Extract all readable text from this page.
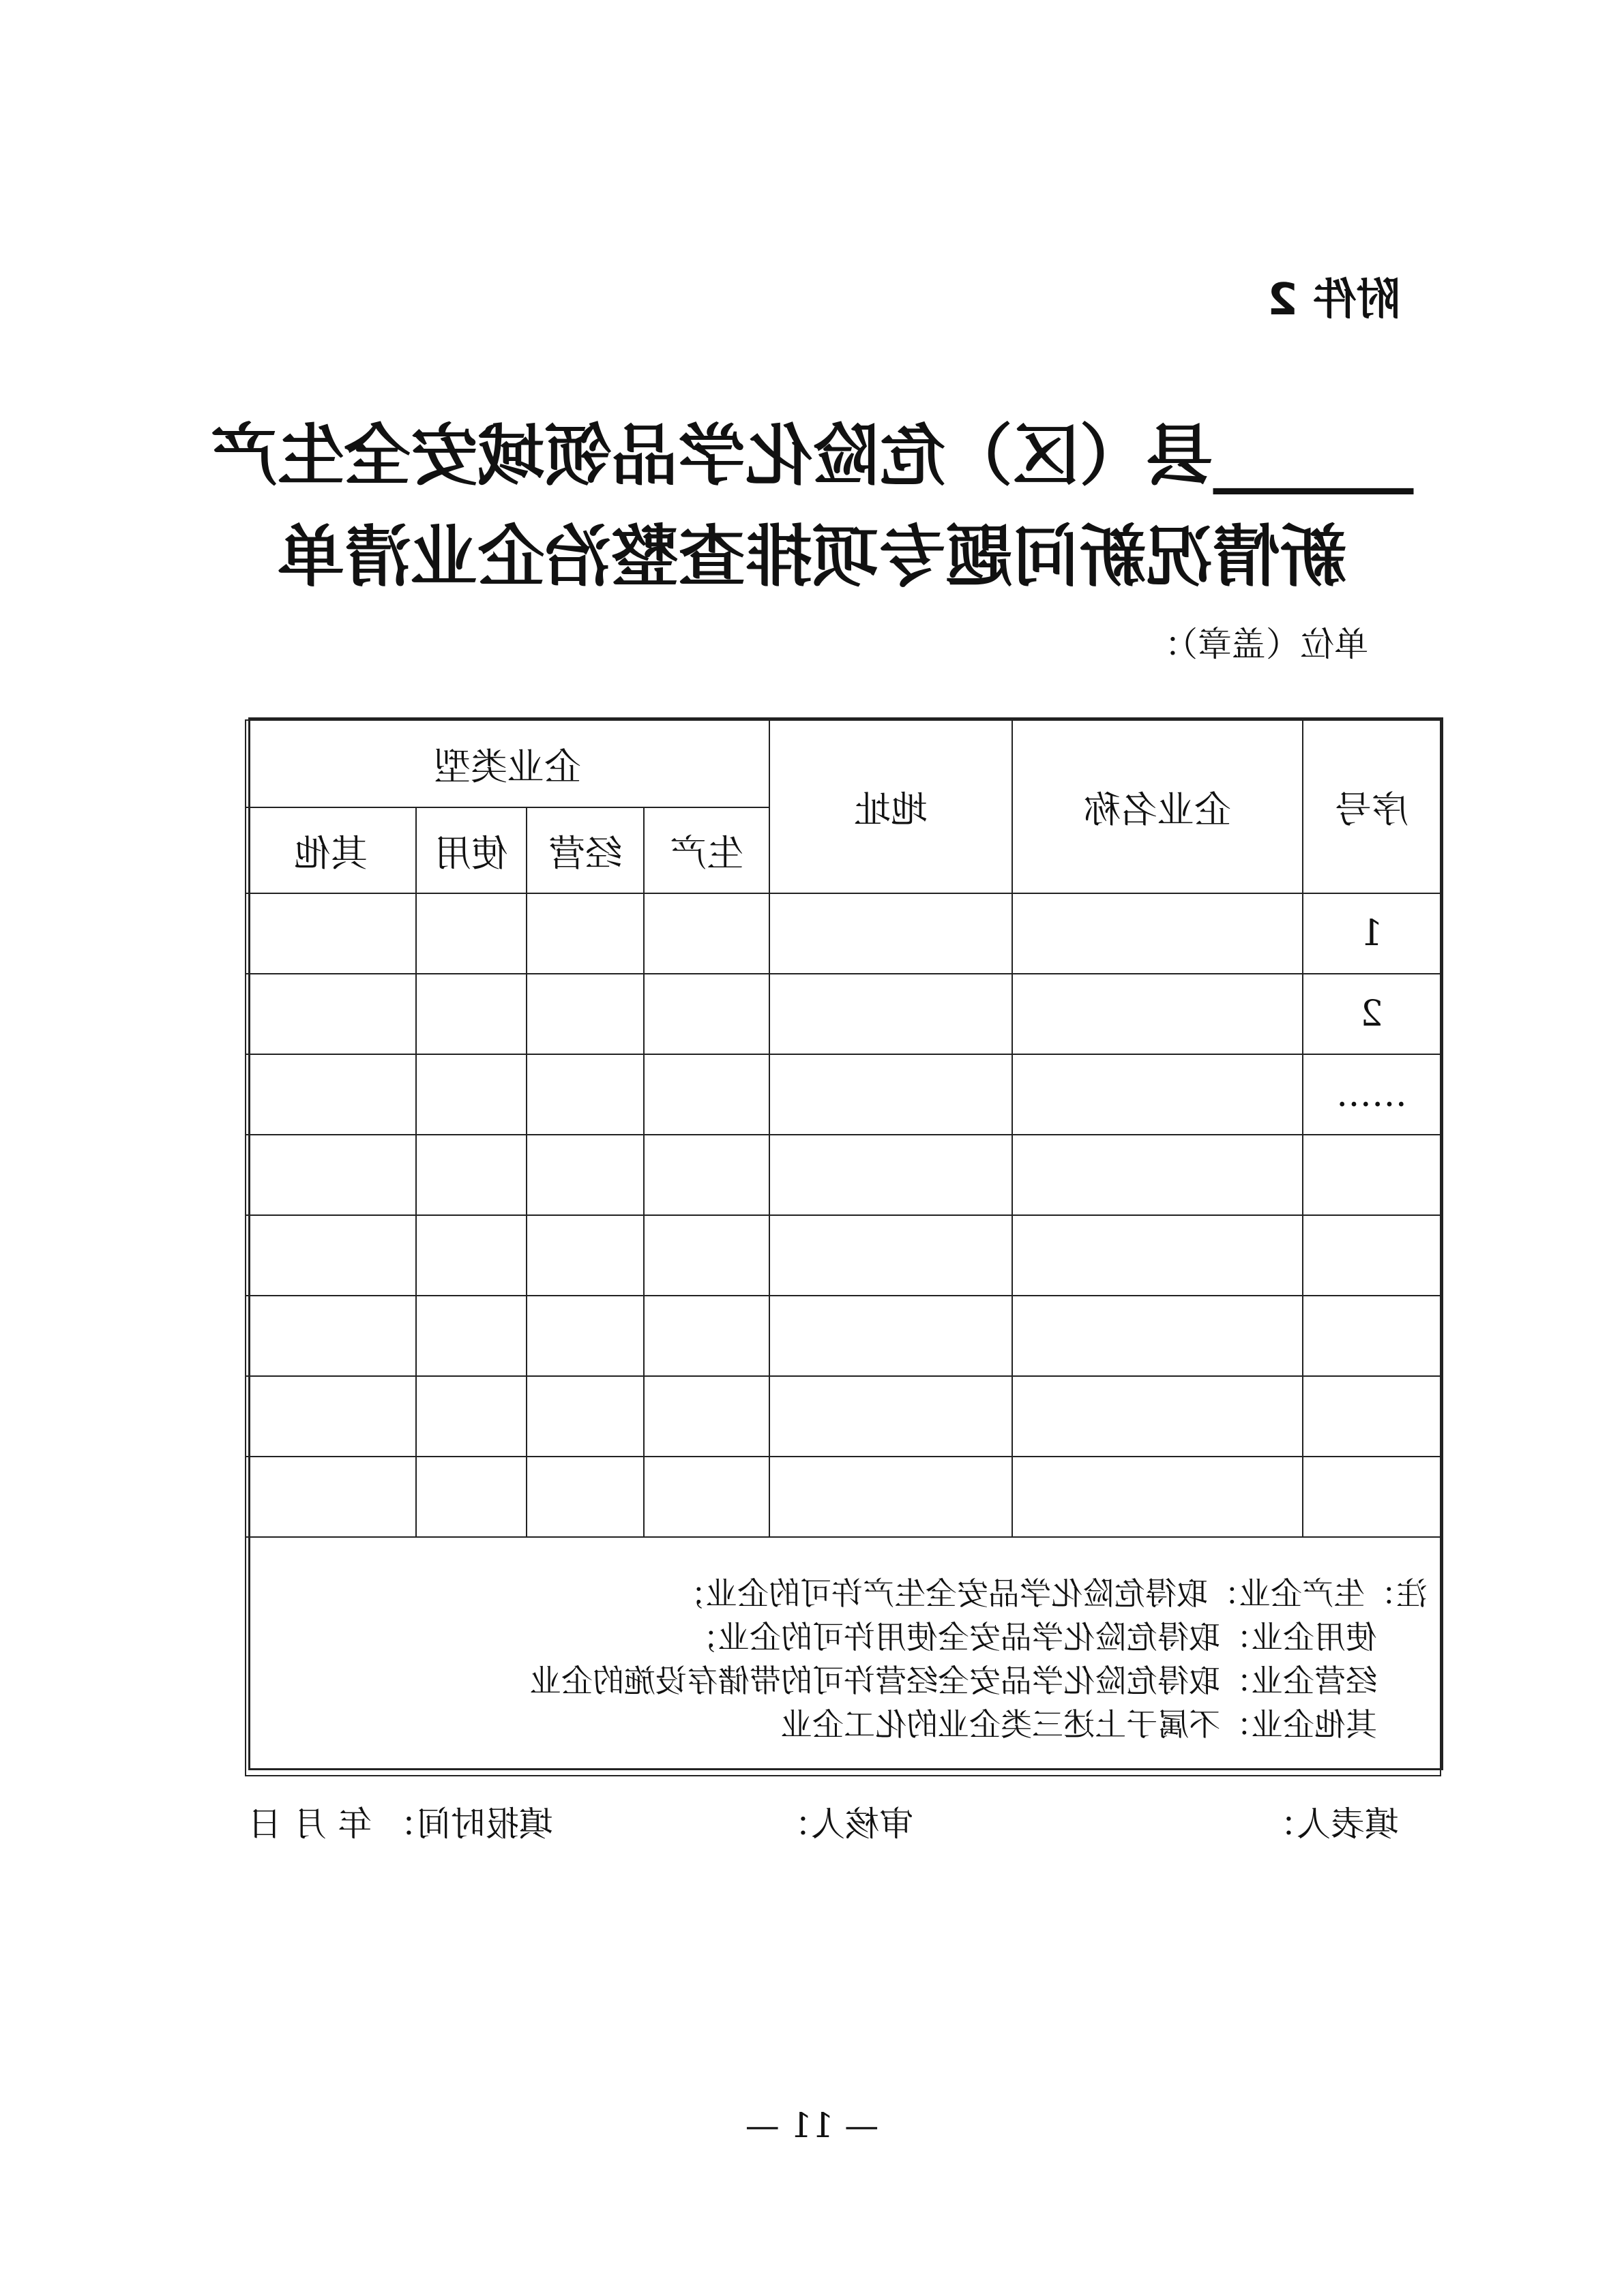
附件 2
______县（区）危险化学品领域安全生产
新情况新问题专项排查整治企业清单
单位（盖章）：
序号	企业名称	地址	企业类型			
			生产	经营	使用	其他
1						
2						
……						

注：生产企业：取得危险化学品安全生产许可的企业；
使用企业：取得危险化学品安全使用许可的企业；
经营企业：取得危险化学品安全经营许可的带储存设施的企业
其他企业：不属于上述三类企业的化工企业						
填表人：
审核人：
填报时间： 年 月 日
— 11 —
